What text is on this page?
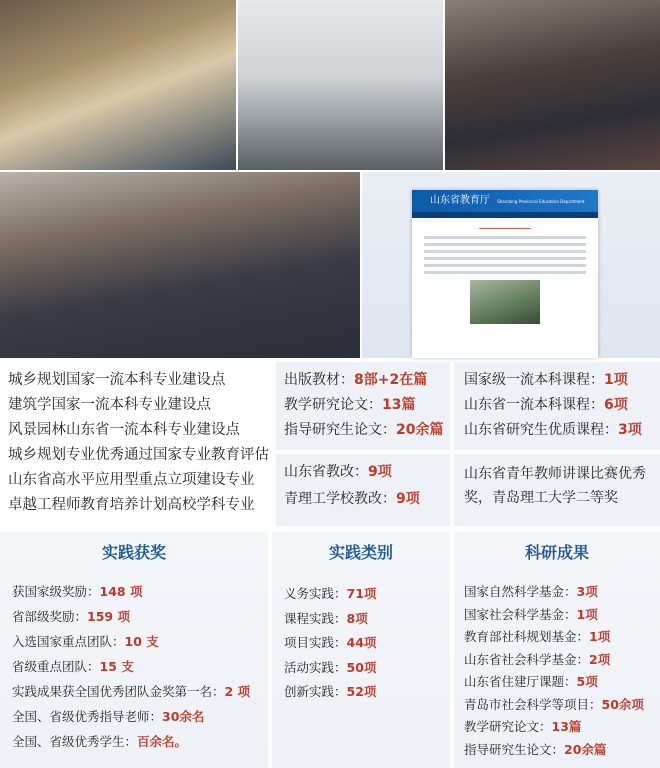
山东省教育厅 Shandong Provincial Education Department
━━━━━━━━━━━━━━━━━
山东省青年教师讲课比赛优秀奖，青岛理工大学二等奖
实践获奖	实践类别	科研成果
城乡规划国家一流本科专业建设点
建筑学国家一流本科专业建设点
风景园林山东省一流本科专业建设点
城乡规划专业优秀通过国家专业教育评估
山东省高水平应用型重点立项建设专业
卓越工程师教育培养计划高校学科专业
出版教材：8部+2在篇
教学研究论文：13篇
指导研究生论文：20余篇
国家级一流本科课程：1项
山东省一流本科课程：6项
山东省研究生优质课程：3项
山东省教改：9项
青理工学校教改：9项
获国家级奖励：148 项
省部级奖励：159 项
入选国家重点团队：10 支
省级重点团队：15 支
实践成果获全国优秀团队金奖第一名：2 项
全国、省级优秀指导老师：30余名
全国、省级优秀学生：百余名。
义务实践：71项
课程实践：8项
项目实践：44项
活动实践：50项
创新实践：52项
国家自然科学基金：3项
国家社会科学基金：1项
教育部社科规划基金：1项
山东省社会科学基金：2项
山东省住建厅课题：5项
青岛市社会科学等项目：50余项
教学研究论文：13篇
指导研究生论文：20余篇
